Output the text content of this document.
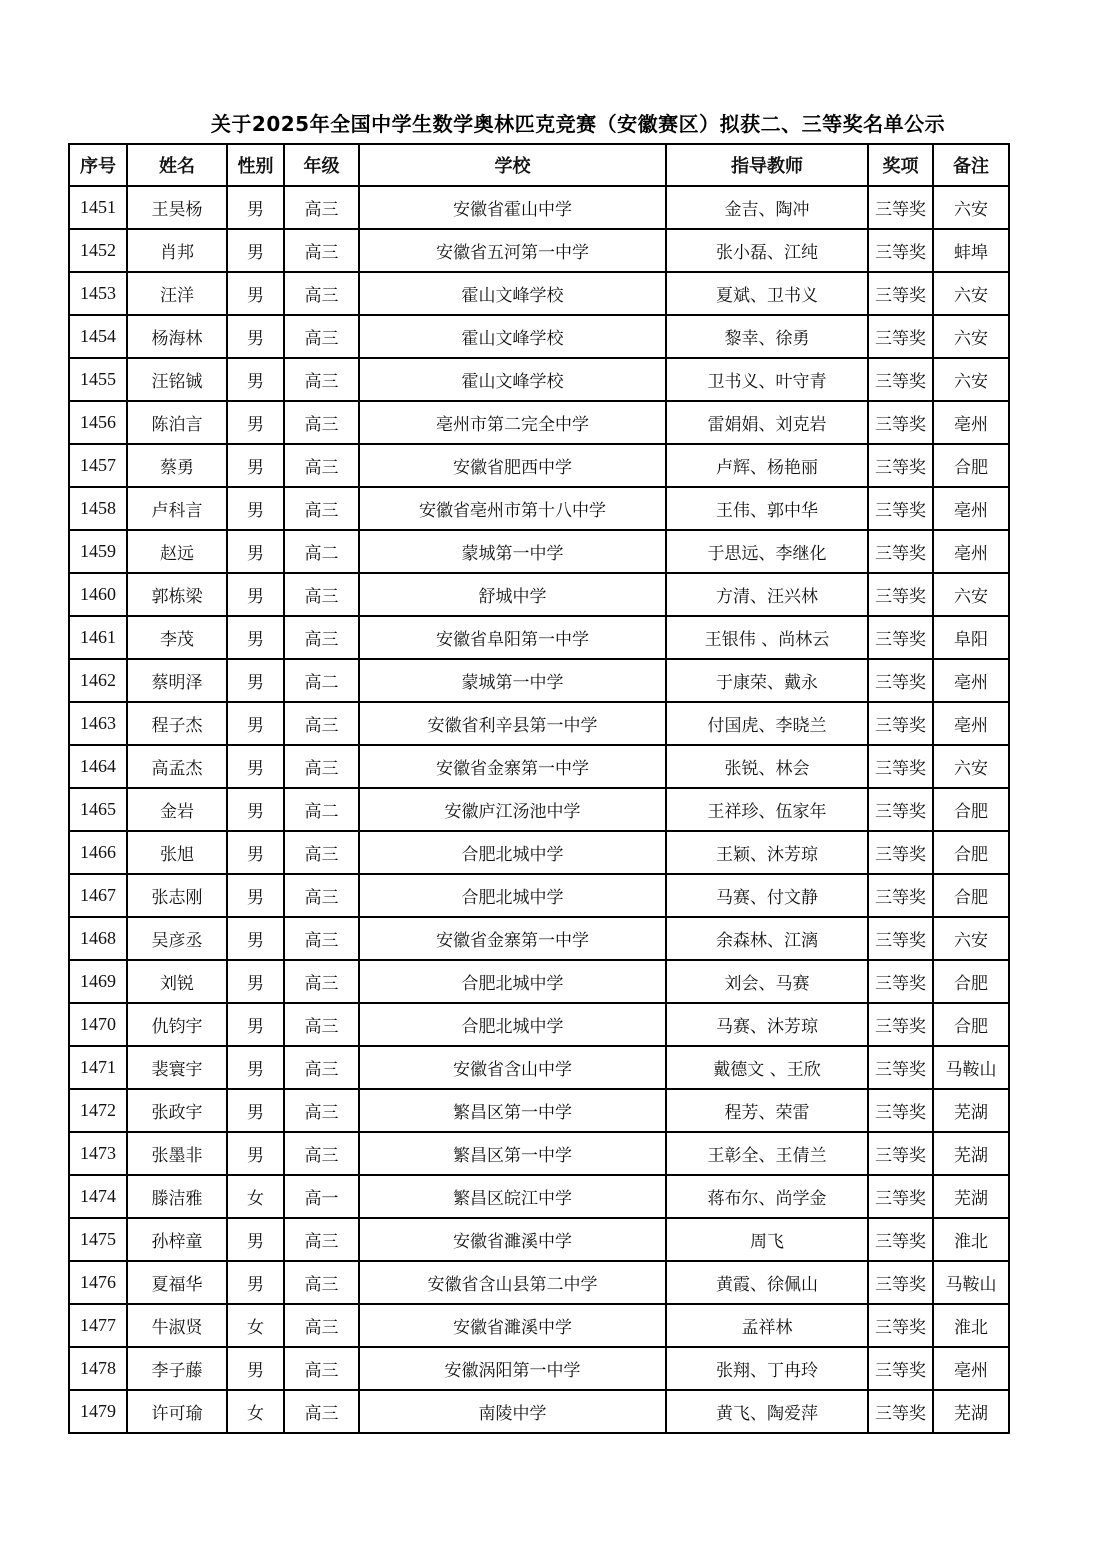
关于2025年全国中学生数学奥林匹克竞赛（安徽赛区）拟获二、三等奖名单公示
序号	姓名	性别	年级	学校	指导教师	奖项	备注
1451	王昊杨	男	高三	安徽省霍山中学	金吉、陶冲	三等奖	六安
1452	肖邦	男	高三	安徽省五河第一中学	张小磊、江纯	三等奖	蚌埠
1453	汪洋	男	高三	霍山文峰学校	夏斌、卫书义	三等奖	六安
1454	杨海林	男	高三	霍山文峰学校	黎幸、徐勇	三等奖	六安
1455	汪铭铖	男	高三	霍山文峰学校	卫书义、叶守青	三等奖	六安
1456	陈泊言	男	高三	亳州市第二完全中学	雷娟娟、刘克岩	三等奖	亳州
1457	蔡勇	男	高三	安徽省肥西中学	卢辉、杨艳丽	三等奖	合肥
1458	卢科言	男	高三	安徽省亳州市第十八中学	王伟、郭中华	三等奖	亳州
1459	赵远	男	高二	蒙城第一中学	于思远、李继化	三等奖	亳州
1460	郭栋梁	男	高三	舒城中学	方清、汪兴林	三等奖	六安
1461	李茂	男	高三	安徽省阜阳第一中学	王银伟 、尚林云	三等奖	阜阳
1462	蔡明泽	男	高二	蒙城第一中学	于康荣、戴永	三等奖	亳州
1463	程子杰	男	高三	安徽省利辛县第一中学	付国虎、李晓兰	三等奖	亳州
1464	高孟杰	男	高三	安徽省金寨第一中学	张锐、林会	三等奖	六安
1465	金岩	男	高二	安徽庐江汤池中学	王祥珍、伍家年	三等奖	合肥
1466	张旭	男	高三	合肥北城中学	王颖、沐芳琼	三等奖	合肥
1467	张志刚	男	高三	合肥北城中学	马赛、付文静	三等奖	合肥
1468	吴彦丞	男	高三	安徽省金寨第一中学	余森林、江漓	三等奖	六安
1469	刘锐	男	高三	合肥北城中学	刘会、马赛	三等奖	合肥
1470	仇钧宇	男	高三	合肥北城中学	马赛、沐芳琼	三等奖	合肥
1471	裴寰宇	男	高三	安徽省含山中学	戴德文 、王欣	三等奖	马鞍山
1472	张政宇	男	高三	繁昌区第一中学	程芳、荣雷	三等奖	芜湖
1473	张墨非	男	高三	繁昌区第一中学	王彰全、王倩兰	三等奖	芜湖
1474	滕洁雅	女	高一	繁昌区皖江中学	蒋布尔、尚学金	三等奖	芜湖
1475	孙梓童	男	高三	安徽省濉溪中学	周飞	三等奖	淮北
1476	夏福华	男	高三	安徽省含山县第二中学	黄霞、徐佩山	三等奖	马鞍山
1477	牛淑贤	女	高三	安徽省濉溪中学	孟祥林	三等奖	淮北
1478	李子藤	男	高三	安徽涡阳第一中学	张翔、丁冉玲	三等奖	亳州
1479	许可瑜	女	高三	南陵中学	黄飞、陶爱萍	三等奖	芜湖
